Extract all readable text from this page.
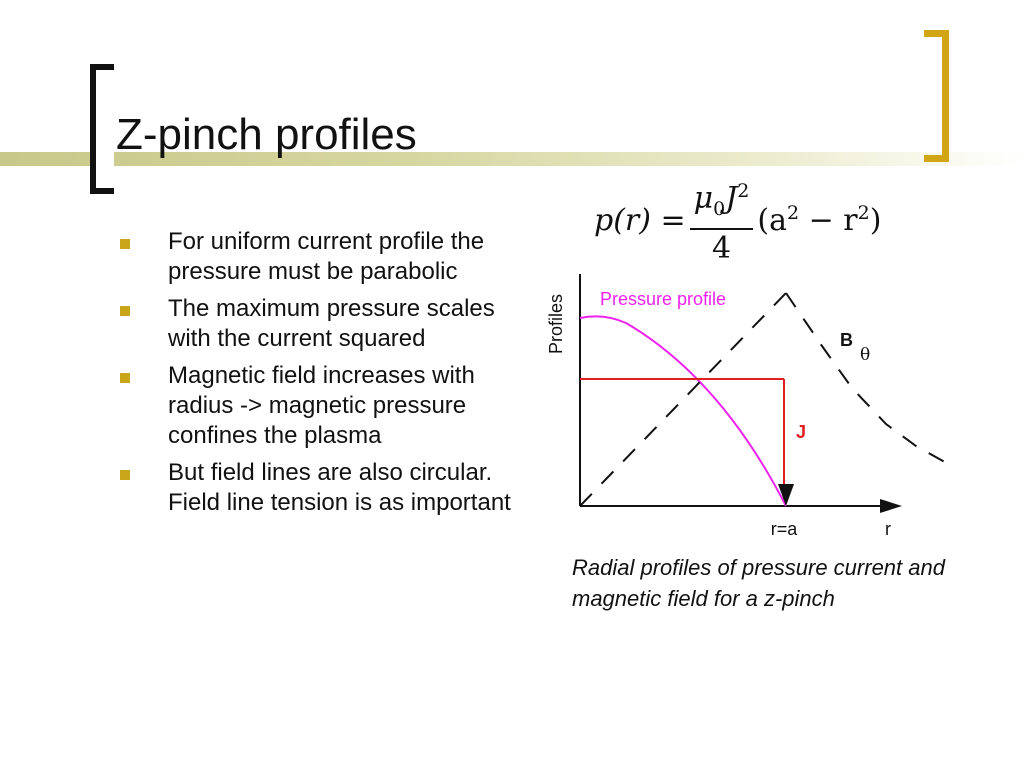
Z-pinch profiles
For uniform current profile the pressure must be parabolic
The maximum pressure scales with the current squared
Magnetic field increases with radius -> magnetic pressure confines the plasma
But field lines are also circular. Field line tension is as important
$p(r) = \frac{\mu_0J^2}{4} (a^2 - r^2)$
Profiles Pressure profile
J
B
θ
r=a	r
Radial profiles of pressure current and magnetic field for a z-pinch
